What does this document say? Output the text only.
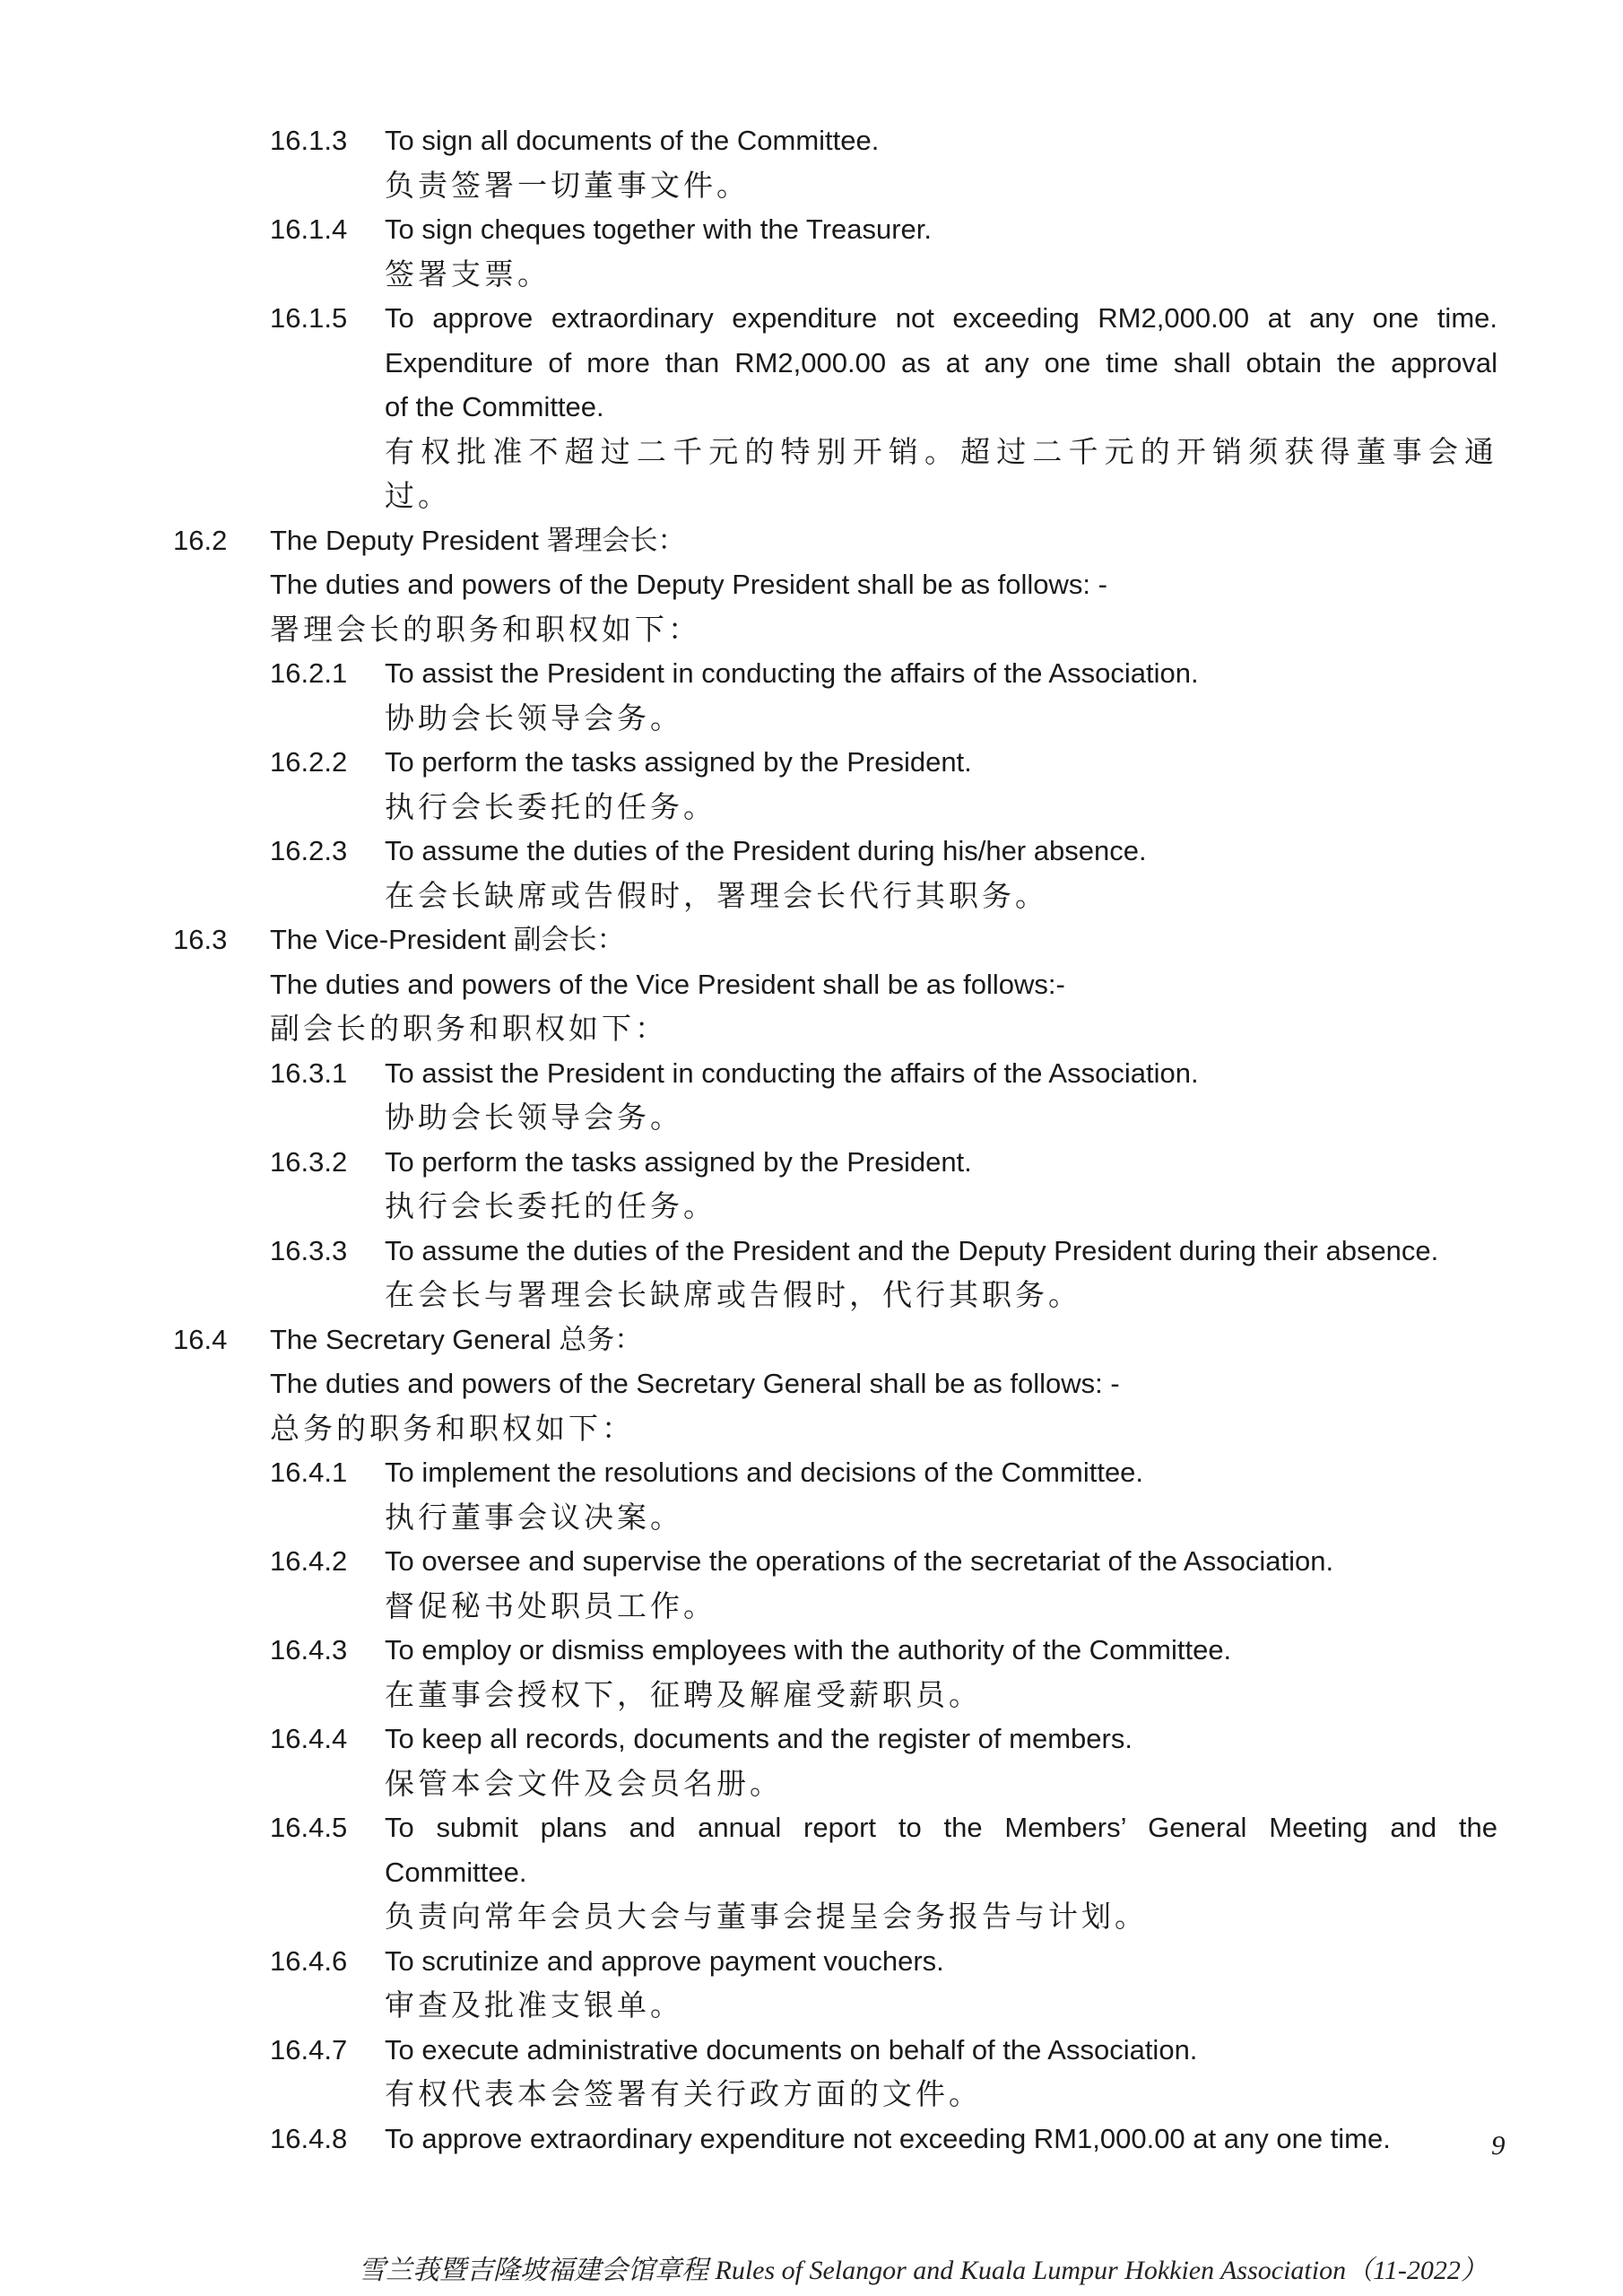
16.1.3 To sign all documents of the Committee.
负责签署一切董事文件。
16.1.4 To sign cheques together with the Treasurer.
签署支票。
16.1.5 To approve extraordinary expenditure not exceeding RM2,000.00 at any one time.
Expenditure of more than RM2,000.00 as at any one time shall obtain the approval
of the Committee.
有权批准不超过二千元的特别开销。超过二千元的开销须获得董事会通
过。
16.2 The Deputy President 署理会长：
The duties and powers of the Deputy President shall be as follows: -
署理会长的职务和职权如下：
16.2.1 To assist the President in conducting the affairs of the Association.
协助会长领导会务。
16.2.2 To perform the tasks assigned by the President.
执行会长委托的任务。
16.2.3 To assume the duties of the President during his/her absence.
在会长缺席或告假时，署理会长代行其职务。
16.3 The Vice-President 副会长：
The duties and powers of the Vice President shall be as follows:-
副会长的职务和职权如下：
16.3.1 To assist the President in conducting the affairs of the Association.
协助会长领导会务。
16.3.2 To perform the tasks assigned by the President.
执行会长委托的任务。
16.3.3 To assume the duties of the President and the Deputy President during their absence.
在会长与署理会长缺席或告假时，代行其职务。
16.4 The Secretary General 总务：
The duties and powers of the Secretary General shall be as follows: -
总务的职务和职权如下：
16.4.1 To implement the resolutions and decisions of the Committee.
执行董事会议决案。
16.4.2 To oversee and supervise the operations of the secretariat of the Association.
督促秘书处职员工作。
16.4.3 To employ or dismiss employees with the authority of the Committee.
在董事会授权下，征聘及解雇受薪职员。
16.4.4 To keep all records, documents and the register of members.
保管本会文件及会员名册。
16.4.5 To submit plans and annual report to the Members’ General Meeting and the
Committee.
负责向常年会员大会与董事会提呈会务报告与计划。
16.4.6 To scrutinize and approve payment vouchers.
审查及批准支银单。
16.4.7 To execute administrative documents on behalf of the Association.
有权代表本会签署有关行政方面的文件。
16.4.8 To approve extraordinary expenditure not exceeding RM1,000.00 at any one time.	9
雪兰莪暨吉隆坡福建会馆章程 Rules of Selangor and Kuala Lumpur Hokkien Association（11-2022）
